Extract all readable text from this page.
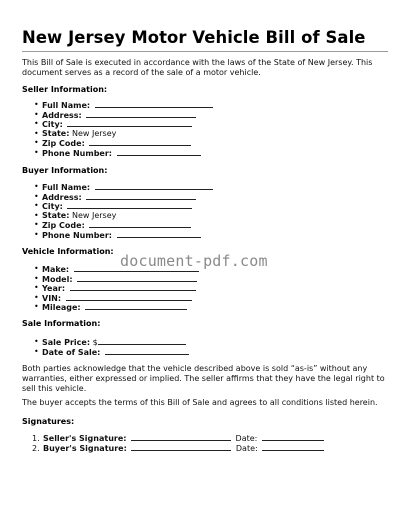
New Jersey Motor Vehicle Bill of Sale

This Bill of Sale is executed in accordance with the laws of the State of New Jersey. This document serves as a record of the sale of a motor vehicle.

Seller Information:

• Full Name:
• Address:
• City:
• State: New Jersey
• Zip Code:
• Phone Number:

Buyer Information:

• Full Name:
• Address:
• City:
• State: New Jersey
• Zip Code:
• Phone Number:

Vehicle Information:

• Make:
• Model:
• Year:
• VIN:
• Mileage:

Sale Information:

• Sale Price: $
• Date of Sale:

Both parties acknowledge that the vehicle described above is sold “as-is” without any warranties, either expressed or implied. The seller affirms that they have the legal right to sell this vehicle.

The buyer accepts the terms of this Bill of Sale and agrees to all conditions listed herein.

Signatures:

1. Seller's Signature:	Date:
2. Buyer's Signature:	Date:
document-pdf.com
